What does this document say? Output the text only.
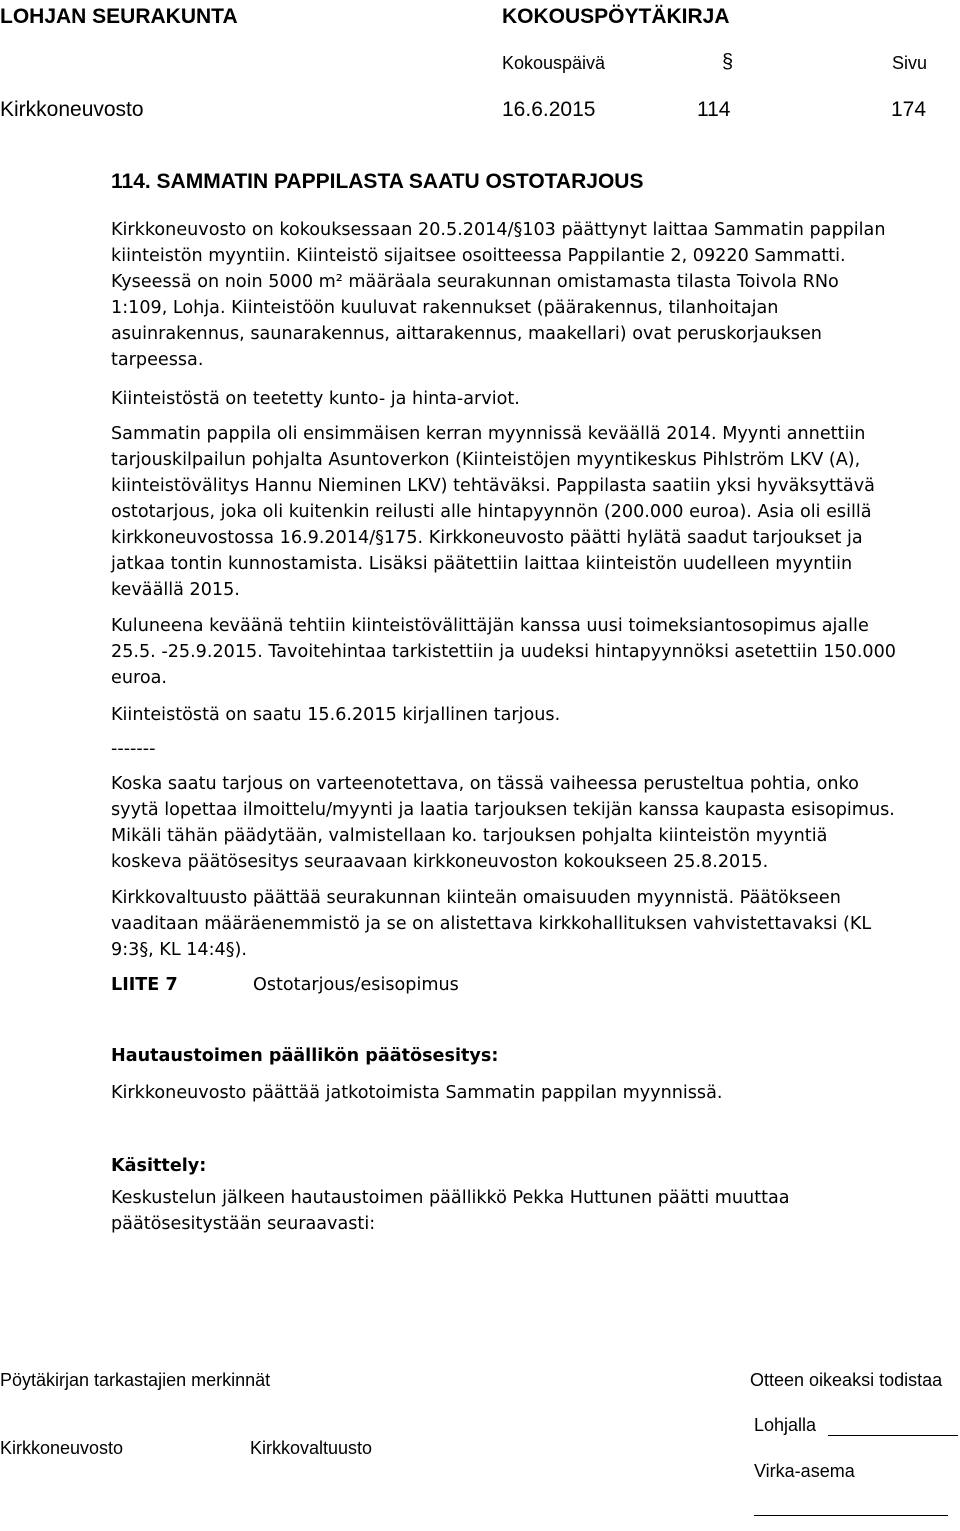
LOHJAN SEURAKUNTA	KOKOUSPÖYTÄKIRJA
Kokouspäivä	§	Sivu
Kirkkoneuvosto	16.6.2015	114	174
114. SAMMATIN PAPPILASTA SAATU OSTOTARJOUS
Kirkkoneuvosto on kokouksessaan 20.5.2014/§103 päättynyt laittaa Sammatin pappilan
kiinteistön myyntiin. Kiinteistö sijaitsee osoitteessa Pappilantie 2, 09220 Sammatti.
Kyseessä on noin 5000 m² määräala seurakunnan omistamasta tilasta Toivola RNo
1:109, Lohja. Kiinteistöön kuuluvat rakennukset (päärakennus, tilanhoitajan
asuinrakennus, saunarakennus, aittarakennus, maakellari) ovat peruskorjauksen
tarpeessa.
Kiinteistöstä on teetetty kunto- ja hinta-arviot.
Sammatin pappila oli ensimmäisen kerran myynnissä keväällä 2014. Myynti annettiin
tarjouskilpailun pohjalta Asuntoverkon (Kiinteistöjen myyntikeskus Pihlström LKV (A),
kiinteistövälitys Hannu Nieminen LKV) tehtäväksi. Pappilasta saatiin yksi hyväksyttävä
ostotarjous, joka oli kuitenkin reilusti alle hintapyynnön (200.000 euroa). Asia oli esillä
kirkkoneuvostossa 16.9.2014/§175. Kirkkoneuvosto päätti hylätä saadut tarjoukset ja
jatkaa tontin kunnostamista. Lisäksi päätettiin laittaa kiinteistön uudelleen myyntiin
keväällä 2015.
Kuluneena keväänä tehtiin kiinteistövälittäjän kanssa uusi toimeksiantosopimus ajalle
25.5. -25.9.2015. Tavoitehintaa tarkistettiin ja uudeksi hintapyynnöksi asetettiin 150.000
euroa.
Kiinteistöstä on saatu 15.6.2015 kirjallinen tarjous.
-------
Koska saatu tarjous on varteenotettava, on tässä vaiheessa perusteltua pohtia, onko
syytä lopettaa ilmoittelu/myynti ja laatia tarjouksen tekijän kanssa kaupasta esisopimus.
Mikäli tähän päädytään, valmistellaan ko. tarjouksen pohjalta kiinteistön myyntiä
koskeva päätösesitys seuraavaan kirkkoneuvoston kokoukseen 25.8.2015.
Kirkkovaltuusto päättää seurakunnan kiinteän omaisuuden myynnistä. Päätökseen
vaaditaan määräenemmistö ja se on alistettava kirkkohallituksen vahvistettavaksi (KL
9:3§, KL 14:4§).
LIITE 7	Ostotarjous/esisopimus
Hautaustoimen päällikön päätösesitys:
Kirkkoneuvosto päättää jatkotoimista Sammatin pappilan myynnissä.
Käsittely:
Keskustelun jälkeen hautaustoimen päällikkö Pekka Huttunen päätti muuttaa
päätösesitystään seuraavasti:
Pöytäkirjan tarkastajien merkinnät	Otteen oikeaksi todistaa
Lohjalla
Kirkkoneuvosto	Kirkkovaltuusto
Virka-asema
